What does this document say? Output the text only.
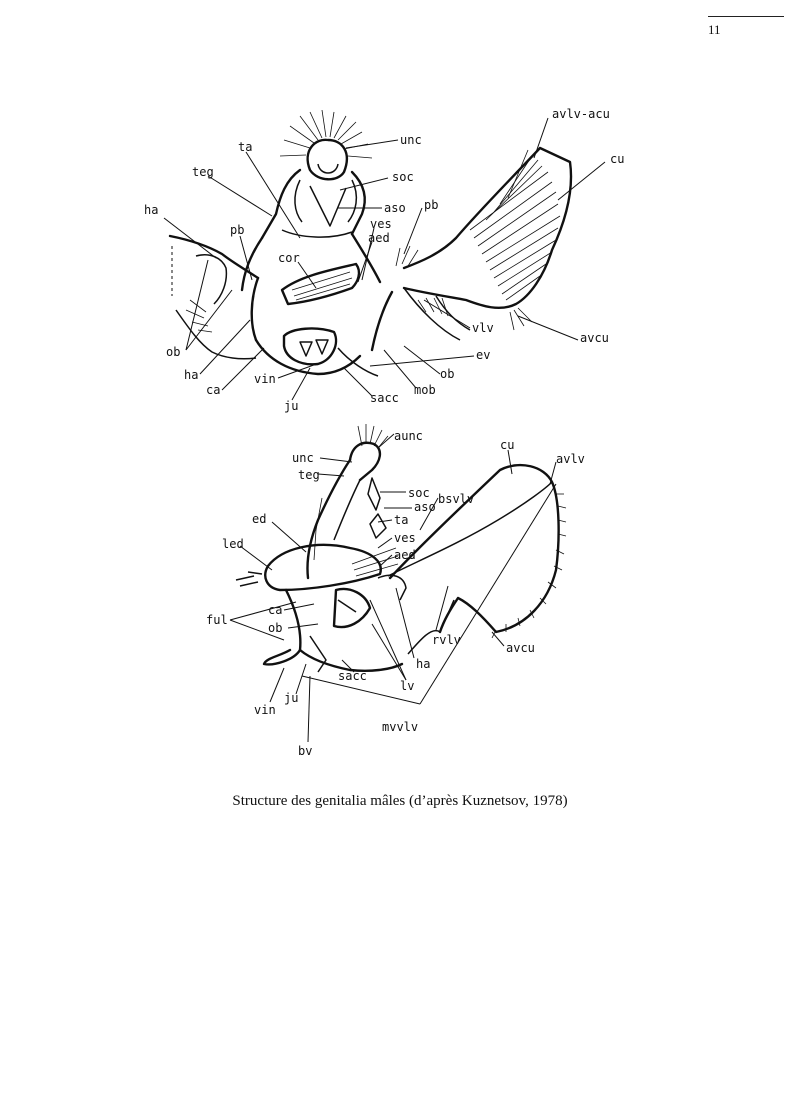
11
avlv-acu
cu
unc
ta
teg	soc
ha	aso pb
pb	ves
aed
cor
ob
vlv
avcu
ev
ha	ob
vin
ca	mob
sacc
ju
aunc
cu
unc	avlv
teg
soc bsvlv
aso
ed	ta
led	ves
aed
ca
ful
ob
rvlv
avcu
ha
sacc
ju
lv
vin
mvvlv
bv
Structure des genitalia mâles (d’après Kuznetsov, 1978)
